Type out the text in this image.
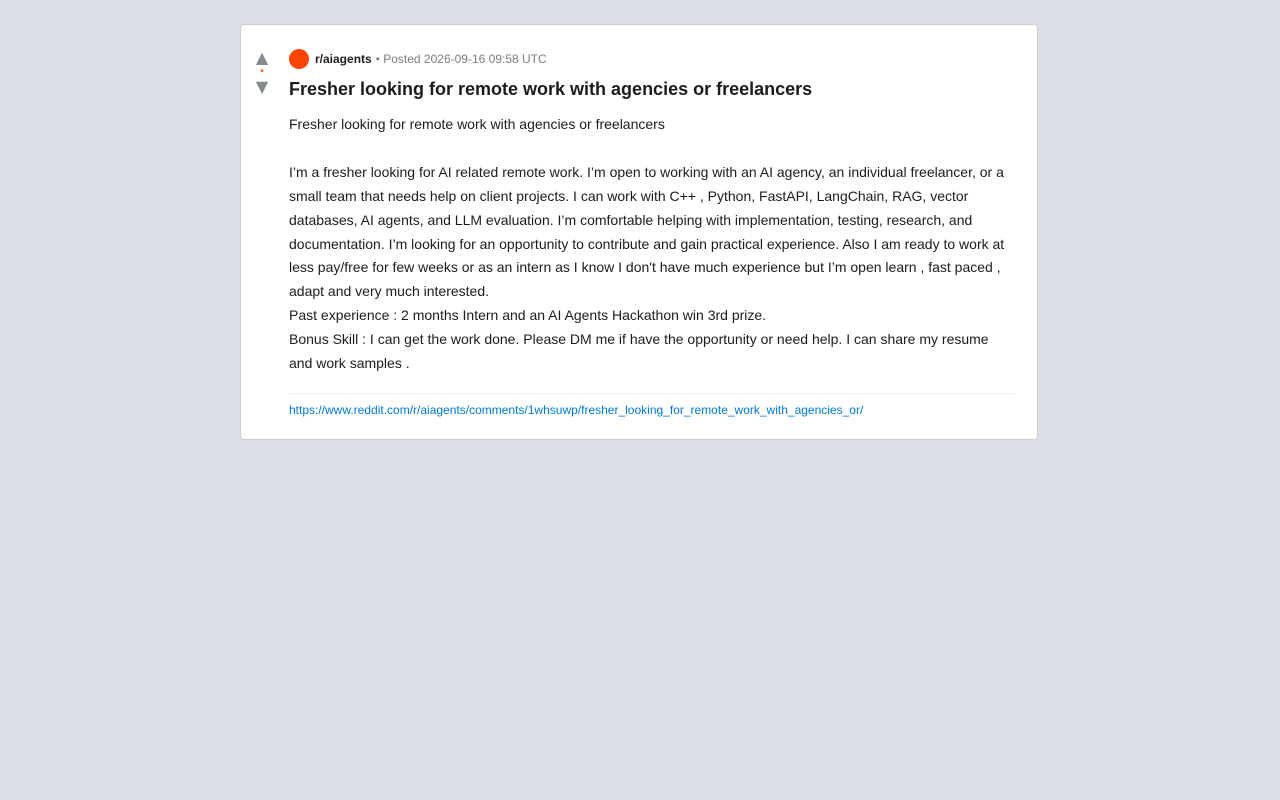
▲
•
▼
r/aiagents • Posted 2026-09-16 09:58 UTC
Fresher looking for remote work with agencies or freelancers

Fresher looking for remote work with agencies or freelancers

I’m a fresher looking for AI related remote work. I’m open to working with an AI agency, an individual freelancer, or a small team that needs help on client projects. I can work with C++ , Python, FastAPI, LangChain, RAG, vector databases, AI agents, and LLM evaluation. I’m comfortable helping with implementation, testing, research, and documentation. I’m looking for an opportunity to contribute and gain practical experience. Also I am ready to work at less pay/free for few weeks or as an intern as I know I don't have much experience but I’m open learn , fast paced , adapt and very much interested.

Past experience : 2 months Intern and an AI Agents Hackathon win 3rd prize.

Bonus Skill : I can get the work done. Please DM me if have the opportunity or need help. I can share my resume and work samples .

https://www.reddit.com/r/aiagents/comments/1whsuwp/fresher_looking_for_remote_work_with_agencies_or/
